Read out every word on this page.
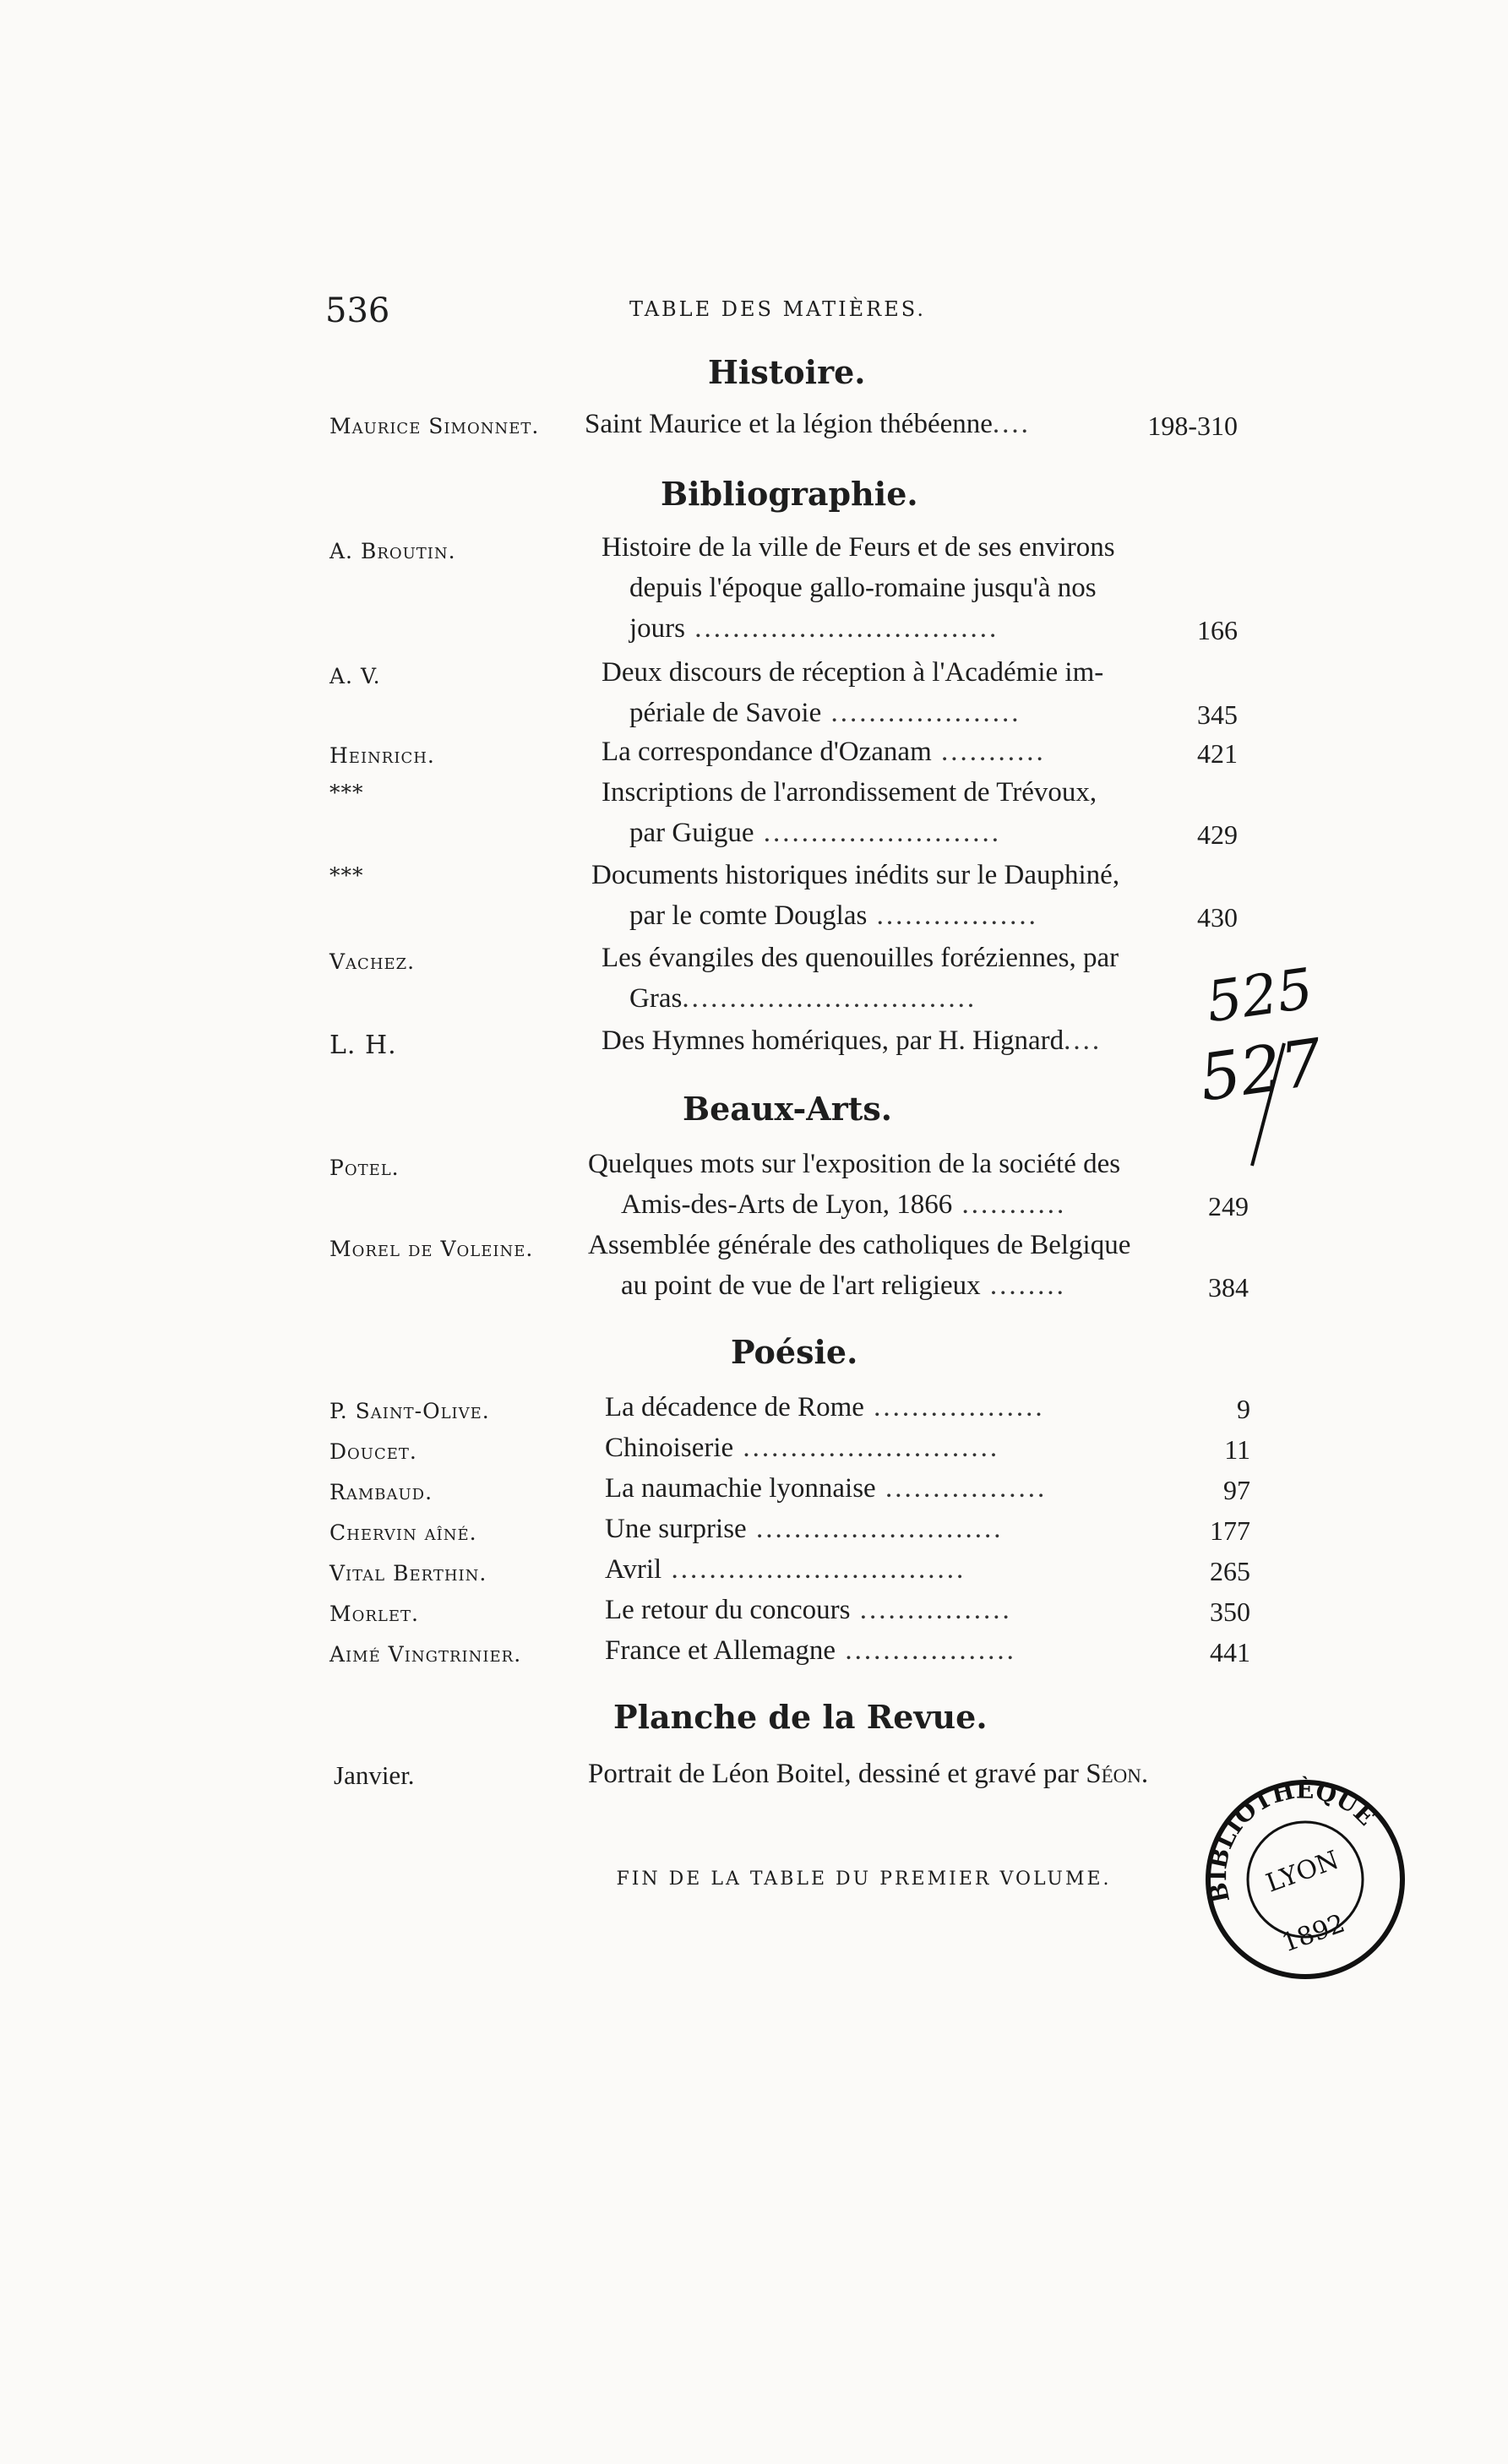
536	TABLE DES MATIÈRES.
Histoire.
Maurice Simonnet. Saint Maurice et la légion thébéenne....	198-310
Bibliographie.
A. Broutin.	Histoire de la ville de Feurs et de ses environs
depuis l'époque gallo-romaine jusqu'à nos
jours ................................	166
A. V.	Deux discours de réception à l'Académie im-
périale de Savoie ....................	345
Heinrich.	La correspondance d'Ozanam ...........	421
***	Inscriptions de l'arrondissement de Trévoux,
par Guigue .........................	429
***	Documents historiques inédits sur le Dauphiné,
par le comte Douglas .................	430
Vachez.	Les évangiles des quenouilles foréziennes, par
Gras...............................
L. H.	Des Hymnes homériques, par H. Hignard....
525
527
Beaux-Arts.
Potel.	Quelques mots sur l'exposition de la société des
Amis-des-Arts de Lyon, 1866 ...........	249
Morel de Voleine. Assemblée générale des catholiques de Belgique
au point de vue de l'art religieux ........	384
Poésie.
P. Saint-Olive.	La décadence de Rome ..................	9
Doucet.	Chinoiserie ...........................	11
Rambaud.	La naumachie lyonnaise .................	97
Chervin aîné.	Une surprise ..........................	177
Vital Berthin.	Avril ...............................	265
Morlet.	Le retour du concours ................	350
Aimé Vingtrinier.	France et Allemagne ..................	441
Planche de la Revue.
Janvier.	Portrait de Léon Boitel, dessiné et gravé par Séon.
FIN DE LA TABLE DU PREMIER VOLUME.
BIBLIOTHÈQUE
LYON
1892
